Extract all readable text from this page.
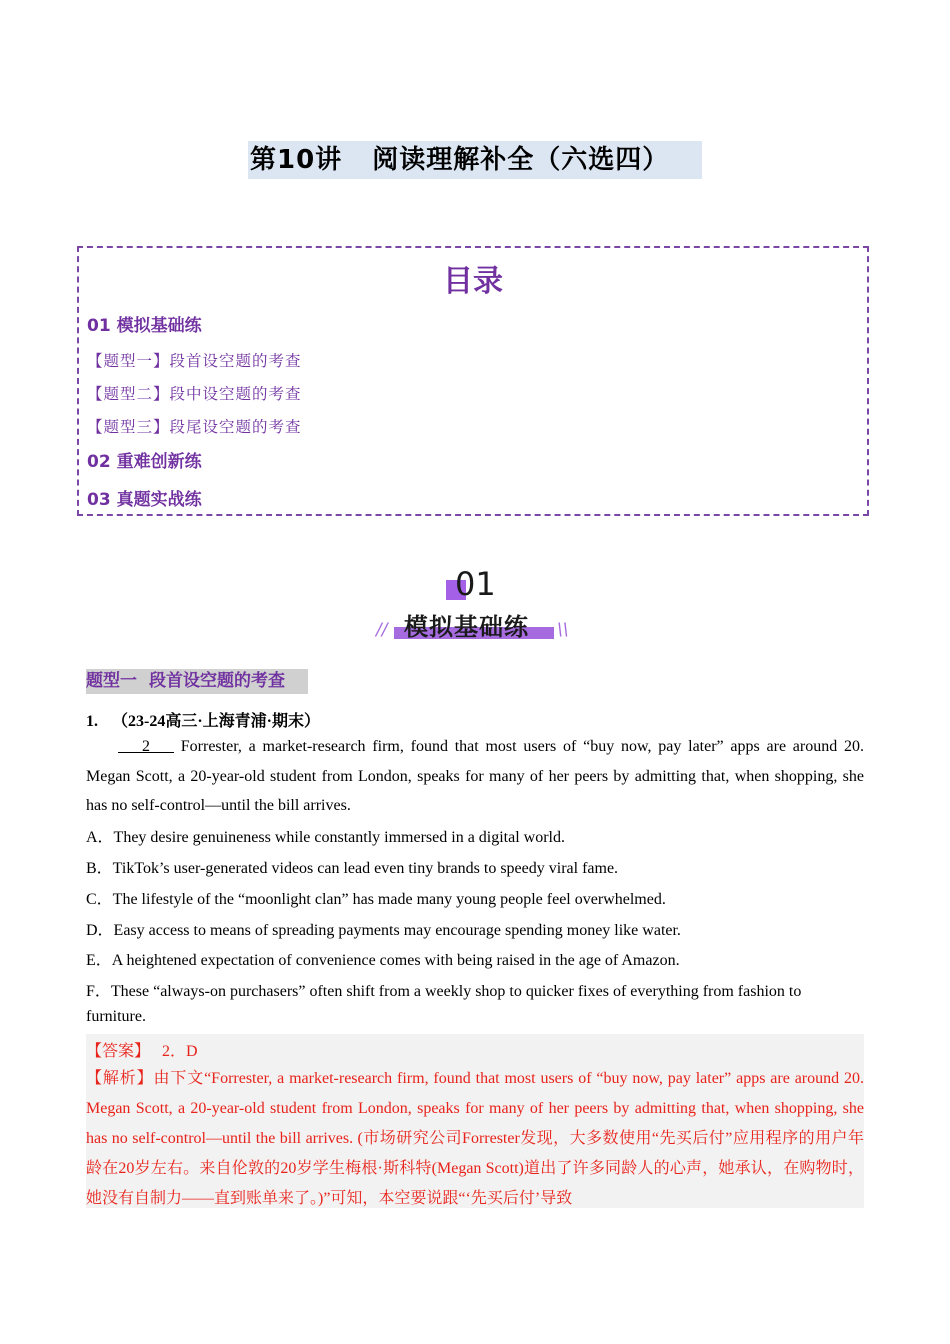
第10讲 阅读理解补全（六选四）
目录
01 模拟基础练
【题型一】段首设空题的考查
【题型二】段中设空题的考查
【题型三】段尾设空题的考查
02 重难创新练
03 真题实战练
01
// 模拟基础练 \\
题型一 段首设空题的考查
1. （23-24高三·上海青浦·期末）
2 Forrester, a market-research firm, found that most users of “buy now, pay later” apps are around 20. Megan Scott, a 20-year-old student from London, speaks for many of her peers by admitting that, when shopping, she has no self-control—until the bill arrives.
A．They desire genuineness while constantly immersed in a digital world.
B．TikTok’s user-generated videos can lead even tiny brands to speedy viral fame.
C．The lifestyle of the “moonlight clan” has made many young people feel overwhelmed.
D．Easy access to means of spreading payments may encourage spending money like water.
E．A heightened expectation of convenience comes with being raised in the age of Amazon.
F．These “always-on purchasers” often shift from a weekly shop to quicker fixes of everything from fashion to
furniture.
【答案】 2．D
【解析】由下文“Forrester, a market-research firm, found that most users of “buy now, pay later” apps are around 20. Megan Scott, a 20-year-old student from London, speaks for many of her peers by admitting that, when shopping, she has no self-control—until the bill arrives. (市场研究公司Forrester发现，大多数使用“先买后付”应用程序的用户年龄在20岁左右。来自伦敦的20岁学生梅根·斯科特(Megan Scott)道出了许多同龄人的心声，她承认，在购物时，她没有自制力——直到账单来了。)”可知，本空要说跟“‘先买后付’导致
